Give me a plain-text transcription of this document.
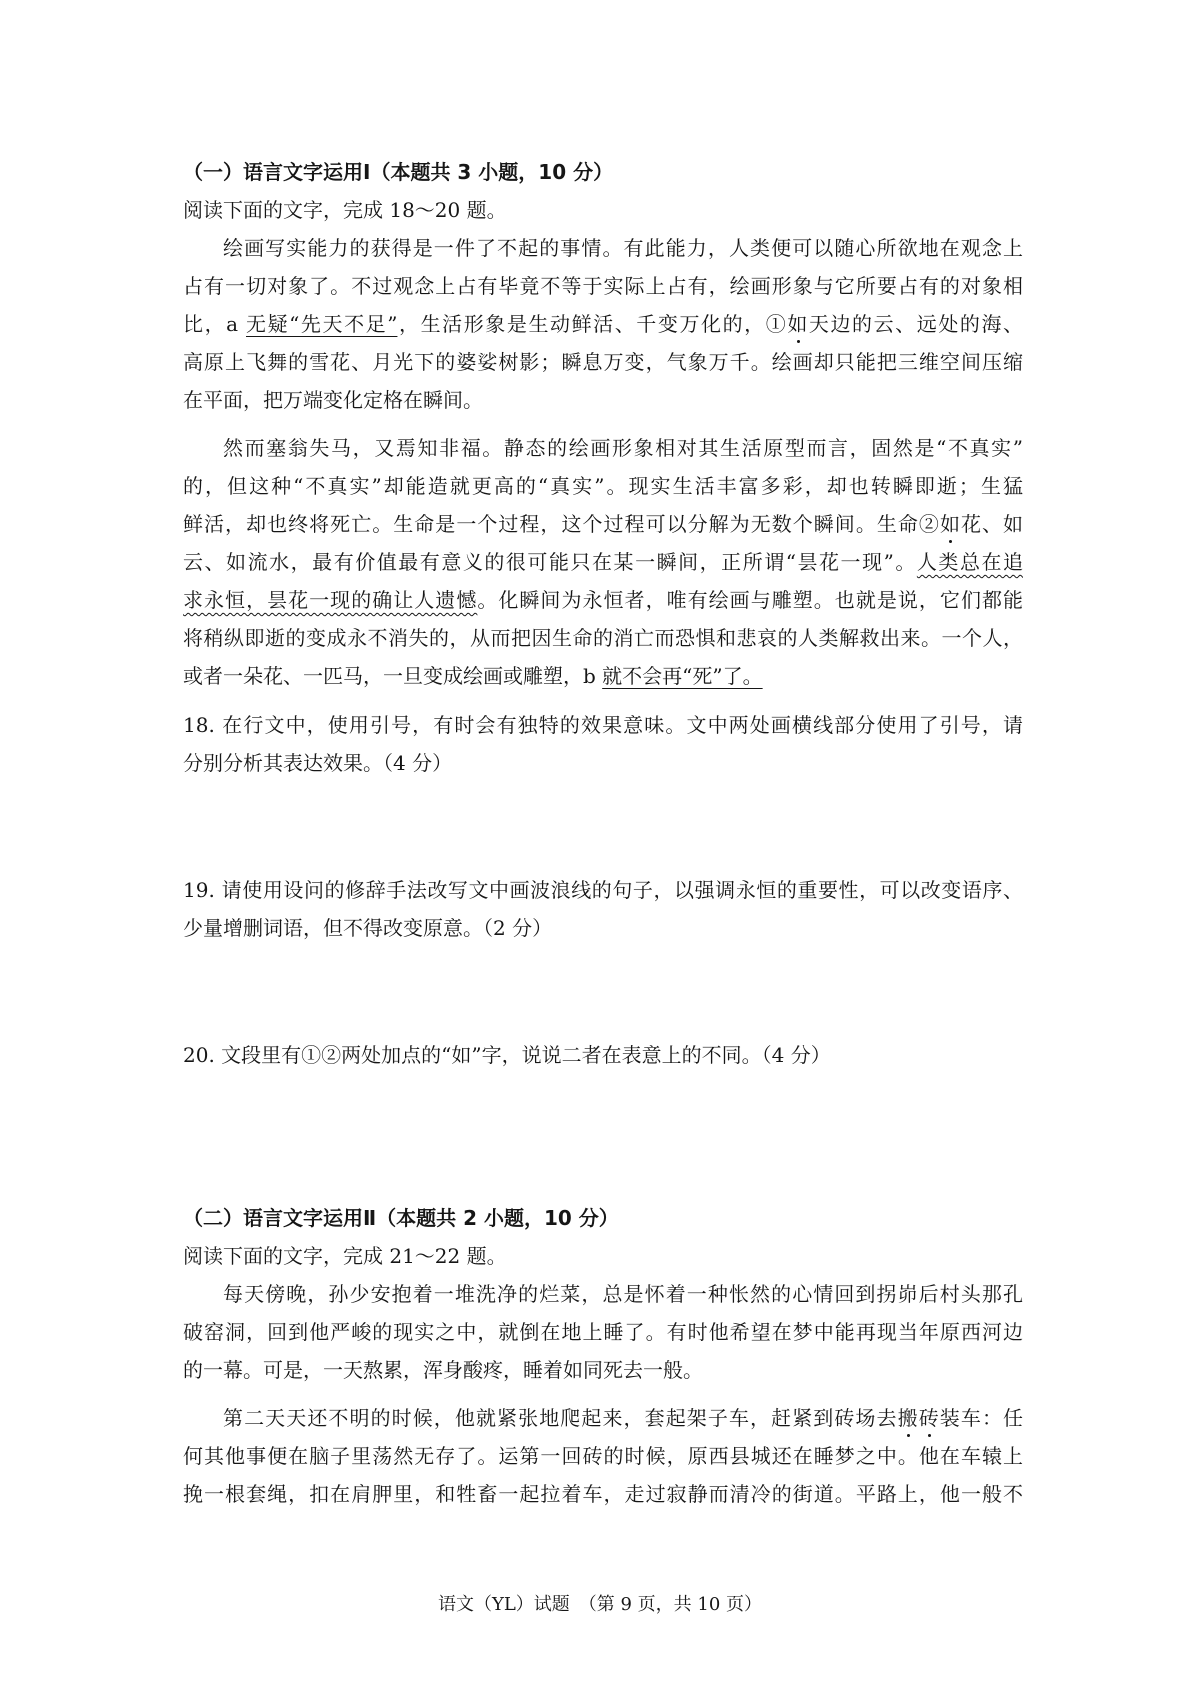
（一）语言文字运用Ⅰ（本题共 3 小题，10 分）
阅读下面的文字，完成 18～20 题。
绘画写实能力的获得是一件了不起的事情。有此能力，人类便可以随心所欲地在观念上
占有一切对象了。不过观念上占有毕竟不等于实际上占有，绘画形象与它所要占有的对象相
比，a 无疑“先天不足”，生活形象是生动鲜活、千变万化的，①如天边的云、远处的海、
高原上飞舞的雪花、月光下的婆娑树影；瞬息万变，气象万千。绘画却只能把三维空间压缩
在平面，把万端变化定格在瞬间。
然而塞翁失马，又焉知非福。静态的绘画形象相对其生活原型而言，固然是“不真实”
的，但这种“不真实”却能造就更高的“真实”。现实生活丰富多彩，却也转瞬即逝；生猛
鲜活，却也终将死亡。生命是一个过程，这个过程可以分解为无数个瞬间。生命②如花、如
云、如流水，最有价值最有意义的很可能只在某一瞬间，正所谓“昙花一现”。人类总在追
求永恒，昙花一现的确让人遗憾。化瞬间为永恒者，唯有绘画与雕塑。也就是说，它们都能
将稍纵即逝的变成永不消失的，从而把因生命的消亡而恐惧和悲哀的人类解救出来。一个人，
或者一朵花、一匹马，一旦变成绘画或雕塑，b 就不会再“死”了。
18. 在行文中，使用引号，有时会有独特的效果意味。文中两处画横线部分使用了引号，请
分别分析其表达效果。（4 分）
19. 请使用设问的修辞手法改写文中画波浪线的句子，以强调永恒的重要性，可以改变语序、
少量增删词语，但不得改变原意。（2 分）
20. 文段里有①②两处加点的“如”字，说说二者在表意上的不同。（4 分）
（二）语言文字运用Ⅱ（本题共 2 小题，10 分）
阅读下面的文字，完成 21～22 题。
每天傍晚，孙少安抱着一堆洗净的烂菜，总是怀着一种怅然的心情回到拐峁后村头那孔
破窑洞，回到他严峻的现实之中，就倒在地上睡了。有时他希望在梦中能再现当年原西河边
的一幕。可是，一天熬累，浑身酸疼，睡着如同死去一般。
第二天天还不明的时候，他就紧张地爬起来，套起架子车，赶紧到砖场去搬砖装车：任
何其他事便在脑子里荡然无存了。运第一回砖的时候，原西县城还在睡梦之中。他在车辕上
挽一根套绳，扣在肩胛里，和牲畜一起拉着车，走过寂静而清冷的街道。平路上，他一般不
语文（YL）试题　（第 9 页，共 10 页）
